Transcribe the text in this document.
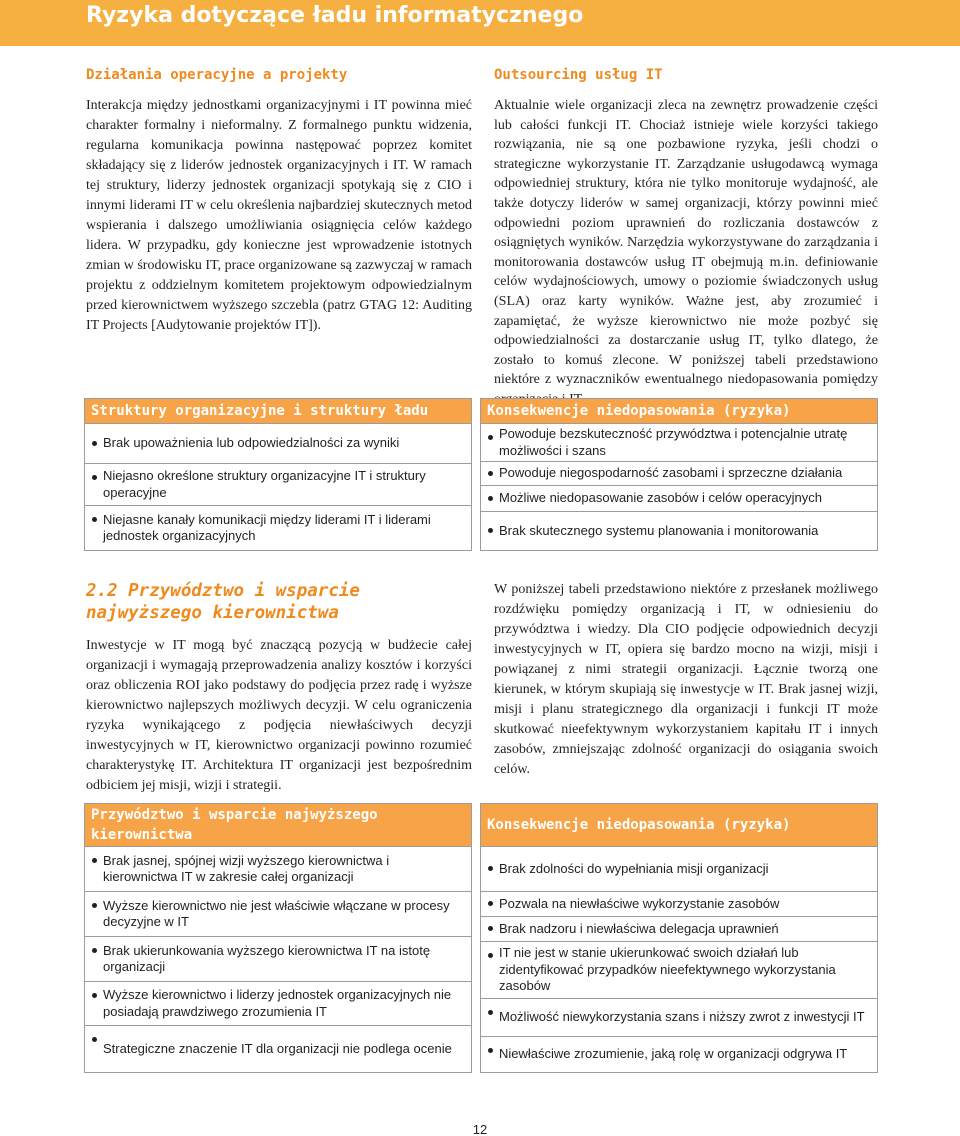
Ryzyka dotyczące ładu informatycznego
Działania operacyjne a projekty

Interakcja między jednostkami organizacyjnymi i IT powinna mieć charakter formalny i nieformalny. Z formalnego punktu widzenia, regularna komunikacja powinna następować poprzez komitet składający się z liderów jednostek organizacyjnych i IT. W ramach tej struktury, liderzy jednostek organizacji spotykają się z CIO i innymi liderami IT w celu określenia najbardziej skutecznych metod wspierania i dalszego umożliwiania osiągnięcia celów każdego lidera. W przypadku, gdy konieczne jest wprowadzenie istotnych zmian w środowisku IT, prace organizowane są zazwyczaj w ramach projektu z oddzielnym komitetem projektowym odpowiedzialnym przed kierownictwem wyższego szczebla (patrz GTAG 12: Auditing IT Projects [Audytowanie projektów IT]).

Outsourcing usług IT

Aktualnie wiele organizacji zleca na zewnętrz prowadzenie części lub całości funkcji IT. Chociaż istnieje wiele korzyści takiego rozwiązania, nie są one pozbawione ryzyka, jeśli chodzi o strategiczne wykorzystanie IT. Zarządzanie usługodawcą wymaga odpowiedniej struktury, która nie tylko monitoruje wydajność, ale także dotyczy liderów w samej organizacji, którzy powinni mieć odpowiedni poziom uprawnień do rozliczania dostawców z osiągniętych wyników. Narzędzia wykorzystywane do zarządzania i monitorowania dostawców usług IT obejmują m.in. definiowanie celów wydajnościowych, umowy o poziomie świadczonych usług (SLA) oraz karty wyników. Ważne jest, aby zrozumieć i zapamiętać, że wyższe kierownictwo nie może pozbyć się odpowiedzialności za dostarczanie usług IT, tylko dlatego, że zostało to komuś zlecone. W poniższej tabeli przedstawiono niektóre z wyznaczników ewentualnego niedopasowania pomiędzy

Struktury organizacyjne i struktury ładu
Brak upoważnienia lub odpowiedzialności za wyniki
Niejasno określone struktury organizacyjne IT i struktury operacyjne
Niejasne kanały komunikacji między liderami IT i liderami jednostek organizacyjnych
Konsekwencje niedopasowania (ryzyka)
Powoduje bezskuteczność przywództwa i potencjalnie utratę możliwości i szans
Powoduje niegospodarność zasobami i sprzeczne działania
Możliwe niedopasowanie zasobów i celów operacyjnych
Brak skutecznego systemu planowania i monitorowania
2.2 Przywództwo i wsparcie najwyższego kierownictwa

Inwestycje w IT mogą być znaczącą pozycją w budżecie całej organizacji i wymagają przeprowadzenia analizy kosztów i korzyści oraz obliczenia ROI jako podstawy do podjęcia przez radę i wyższe kierownictwo najlepszych możliwych decyzji. W celu ograniczenia ryzyka wynikającego z podjęcia niewłaściwych decyzji inwestycyjnych w IT, kierownictwo organizacji powinno rozumieć charakterystykę IT. Architektura IT organizacji jest bezpośrednim odbiciem jej misji, wizji i strategii.

W poniższej tabeli przedstawiono niektóre z przesłanek możliwego rozdźwięku pomiędzy organizacją i IT, w odniesieniu do przywództwa i wiedzy. Dla CIO podjęcie odpowiednich decyzji inwestycyjnych w IT, opiera się bardzo mocno na wizji, misji i powiązanej z nimi strategii organizacji. Łącznie tworzą one kierunek, w którym skupiają się inwestycje w IT. Brak jasnej wizji, misji i planu strategicznego dla organizacji i funkcji IT może skutkować nieefektywnym wykorzystaniem kapitału IT i innych zasobów, zmniejszając zdolność organizacji do osiągania swoich celów.

Przywództwo i wsparcie najwyższego kierownictwa
Brak jasnej, spójnej wizji wyższego kierownictwa i kierownictwa IT w zakresie całej organizacji
Wyższe kierownictwo nie jest właściwie włączane w procesy decyzyjne w IT
Brak ukierunkowania wyższego kierownictwa IT na istotę organizacji
Wyższe kierownictwo i liderzy jednostek organizacyjnych nie posiadają prawdziwego zrozumienia IT
Strategiczne znaczenie IT dla organizacji nie podlega ocenie
Konsekwencje niedopasowania (ryzyka)
Brak zdolności do wypełniania misji organizacji
Pozwala na niewłaściwe wykorzystanie zasobów
Brak nadzoru i niewłaściwa delegacja uprawnień
IT nie jest w stanie ukierunkować swoich działań lub zidentyfikować przypadków nieefektywnego wykorzystania zasobów
Możliwość niewykorzystania szans i niższy zwrot z inwestycji IT
Niewłaściwe zrozumienie, jaką rolę w organizacji odgrywa IT
12
